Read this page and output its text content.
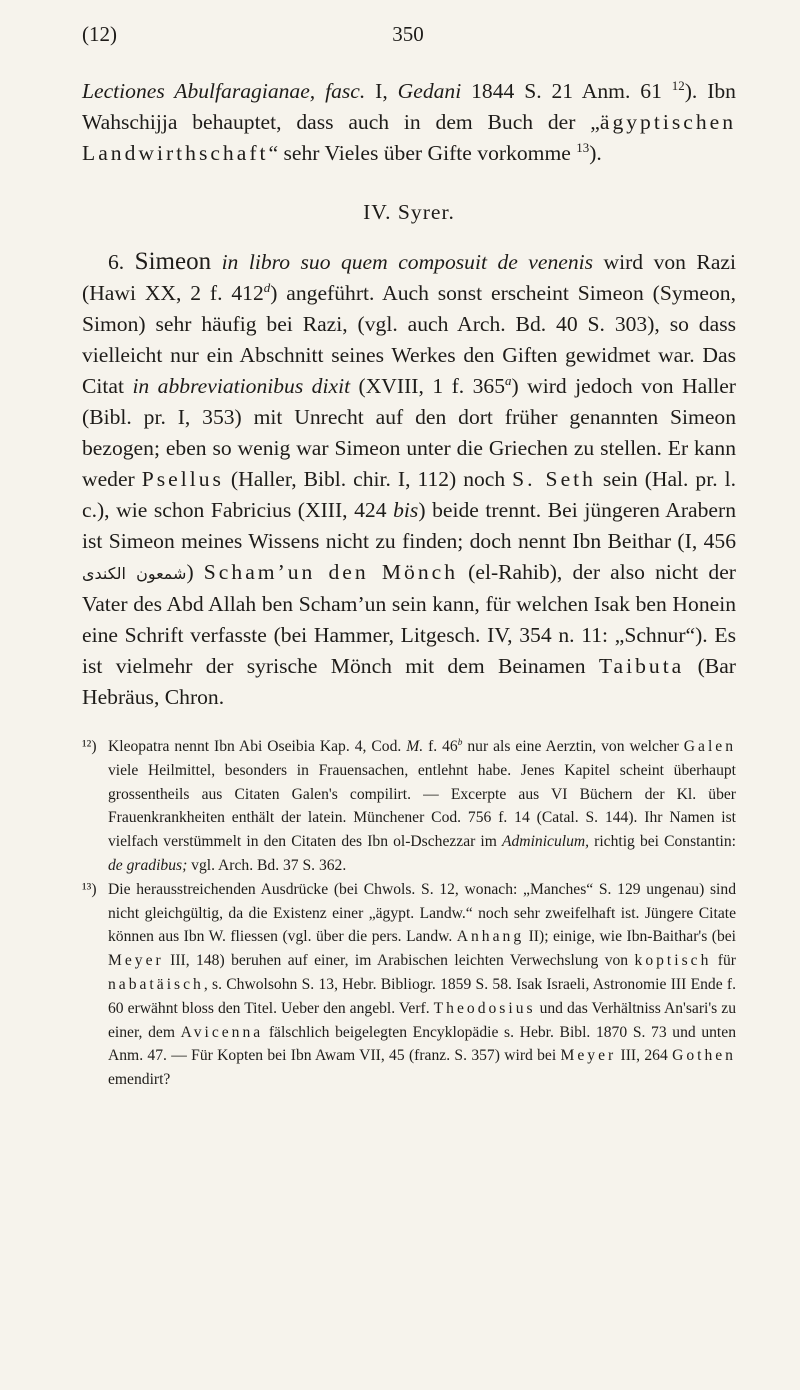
(12)	350

Lectiones Abulfaragianae, fasc. I, Gedani 1844 S. 21 Anm. 61 $^{12}$). Ibn Wahschijja behauptet, dass auch in dem Buch der „ägyptischen Landwirthschaft“ sehr Vieles über Gifte vorkomme $^{13}$).

IV. Syrer.

6. Simeon in libro suo quem composuit de venenis wird von Razi (Hawi XX, 2 f. 412$^d$) angeführt. Auch sonst erscheint Simeon (Symeon, Simon) sehr häufig bei Razi, (vgl. auch Arch. Bd. 40 S. 303), so dass vielleicht nur ein Abschnitt seines Werkes den Giften gewidmet war. Das Citat in abbreviationibus dixit (XVIII, 1 f. 365$^a$) wird jedoch von Haller (Bibl. pr. I, 353) mit Unrecht auf den dort früher genannten Simeon bezogen; eben so wenig war Simeon unter die Griechen zu stellen. Er kann weder Psellus (Haller, Bibl. chir. I, 112) noch S. Seth sein (Hal. pr. l. c.), wie schon Fabricius (XIII, 424 bis) beide trennt. Bei jüngeren Arabern ist Simeon meines Wissens nicht zu finden; doch nennt Ibn Beithar (I, 456 الكندى شمعون) Scham’un den Mönch (el-Rahib), der also nicht der Vater des Abd Allah ben Scham’un sein kann, für welchen Isak ben Honein eine Schrift verfasste (bei Hammer, Litgesch. IV, 354 n. 11: „Schnur“). Es ist vielmehr der syrische Mönch mit dem Beinamen Taibuta (Bar Hebräus, Chron.

¹²) Kleopatra nennt Ibn Abi Oseibia Kap. 4, Cod. M. f. 46$^b$ nur als eine Aerztin, von welcher Galen viele Heilmittel, besonders in Frauensachen, entlehnt habe. Jenes Kapitel scheint überhaupt grossentheils aus Citaten Galen's compilirt. — Excerpte aus VI Büchern der Kl. über Frauenkrankheiten enthält der latein. Münchener Cod. 756 f. 14 (Catal. S. 144). Ihr Namen ist vielfach verstümmelt in den Citaten des Ibn ol-Dschezzar im Adminiculum, richtig bei Constantin: de gradibus; vgl. Arch. Bd. 37 S. 362.
¹³) Die herausstreichenden Ausdrücke (bei Chwols. S. 12, wonach: „Manches“ S. 129 ungenau) sind nicht gleichgültig, da die Existenz einer „ägypt. Landw.“ noch sehr zweifelhaft ist. Jüngere Citate können aus Ibn W. fliessen (vgl. über die pers. Landw. Anhang II); einige, wie Ibn-Baithar's (bei Meyer III, 148) beruhen auf einer, im Arabischen leichten Verwechslung von koptisch für nabatäisch, s. Chwolsohn S. 13, Hebr. Bibliogr. 1859 S. 58. Isak Israeli, Astronomie III Ende f. 60 erwähnt bloss den Titel. Ueber den angebl. Verf. Theodosius und das Verhältniss An'sari's zu einer, dem Avicenna fälschlich beigelegten Encyklopädie s. Hebr. Bibl. 1870 S. 73 und unten Anm. 47. — Für Kopten bei Ibn Awam VII, 45 (franz. S. 357) wird bei Meyer III, 264 Gothen emendirt?
